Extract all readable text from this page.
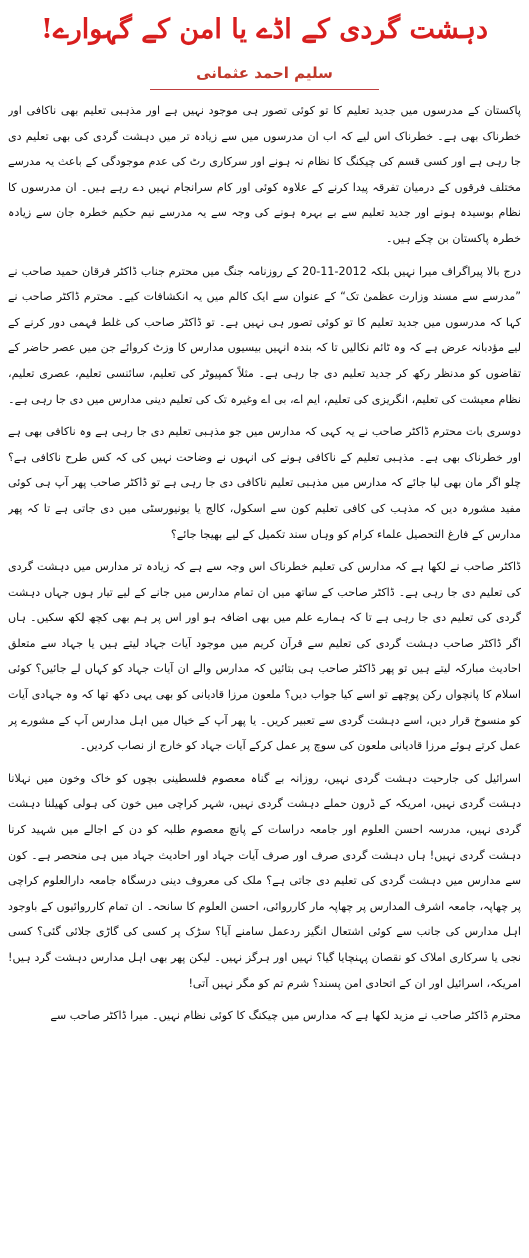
دہشت گردی کے اڈے یا امن کے گہوارے!
سلیم احمد عثمانی

پاکستان کے مدرسوں میں جدید تعلیم کا تو کوئی تصور ہی موجود نہیں ہے اور مذہبی تعلیم بھی ناکافی اور خطرناک بھی ہے۔ خطرناک اس لیے کہ اب ان مدرسوں میں سے زیادہ تر میں دہشت گردی کی بھی تعلیم دی جا رہی ہے اور کسی قسم کی چیکنگ کا نظام نہ ہونے اور سرکاری رٹ کی عدم موجودگی کے باعث یہ مدرسے مختلف فرقوں کے درمیان تفرقہ پیدا کرنے کے علاوہ کوئی اور کام سرانجام نہیں دے رہے ہیں۔ ان مدرسوں کا نظام بوسیدہ ہونے اور جدید تعلیم سے بے بہرہ ہونے کی وجہ سے یہ مدرسے نیم حکیم خطرہ جان سے زیادہ خطرہ پاکستان بن چکے ہیں۔

درج بالا پیراگراف میرا نہیں بلکہ 2012-11-20 کے روزنامہ جنگ میں محترم جناب ڈاکٹر فرقان حمید صاحب نے ”مدرسے سے مسند وزارت عظمیٰ تک“ کے عنوان سے ایک کالم میں یہ انکشافات کیے۔ محترم ڈاکٹر صاحب نے کہا کہ مدرسوں میں جدید تعلیم کا تو کوئی تصور ہی نہیں ہے۔ تو ڈاکٹر صاحب کی غلط فہمی دور کرنے کے لیے مؤدبانہ عرض ہے کہ وہ ٹائم نکالیں تا کہ بندہ انہیں بیسیوں مدارس کا وزٹ کروائے جن میں عصر حاضر کے تقاضوں کو مدنظر رکھ کر جدید تعلیم دی جا رہی ہے۔ مثلاً کمپیوٹر کی تعلیم، سائنسی تعلیم، عصری تعلیم، نظام معیشت کی تعلیم، انگریزی کی تعلیم، ایم اے، بی اے وغیرہ تک کی تعلیم دینی مدارس میں دی جا رہی ہے۔

دوسری بات محترم ڈاکٹر صاحب نے یہ کہی کہ مدارس میں جو مذہبی تعلیم دی جا رہی ہے وہ ناکافی بھی ہے اور خطرناک بھی ہے۔ مذہبی تعلیم کے ناکافی ہونے کی انہوں نے وضاحت نہیں کی کہ کس طرح ناکافی ہے؟ چلو اگر مان بھی لیا جائے کہ مدارس میں مذہبی تعلیم ناکافی دی جا رہی ہے تو ڈاکٹر صاحب پھر آپ ہی کوئی مفید مشورہ دیں کہ مذہب کی کافی تعلیم کون سے اسکول، کالج یا یونیورسٹی میں دی جاتی ہے تا کہ پھر مدارس کے فارغ التحصیل علماء کرام کو وہاں سند تکمیل کے لیے بھیجا جائے؟

ڈاکٹر صاحب نے لکھا ہے کہ مدارس کی تعلیم خطرناک اس وجہ سے ہے کہ زیادہ تر مدارس میں دہشت گردی کی تعلیم دی جا رہی ہے۔ ڈاکٹر صاحب کے ساتھ میں ان تمام مدارس میں جانے کے لیے تیار ہوں جہاں دہشت گردی کی تعلیم دی جا رہی ہے تا کہ ہمارے علم میں بھی اضافہ ہو اور اس پر ہم بھی کچھ لکھ سکیں۔ ہاں اگر ڈاکٹر صاحب دہشت گردی کی تعلیم سے قرآن کریم میں موجود آیات جہاد لیتے ہیں یا جہاد سے متعلق احادیث مبارکہ لیتے ہیں تو پھر ڈاکٹر صاحب ہی بتائیں کہ مدارس والے ان آیات جہاد کو کہاں لے جائیں؟ کوئی اسلام کا پانچواں رکن پوچھے تو اسے کیا جواب دیں؟ ملعون مرزا قادیانی کو بھی یہی دکھ تھا کہ وہ جہادی آیات کو منسوخ قرار دیں، اسے دہشت گردی سے تعبیر کریں۔ یا پھر آپ کے خیال میں اہل مدارس آپ کے مشورے پر عمل کرتے ہوئے مرزا قادیانی ملعون کی سوچ پر عمل کرکے آیات جہاد کو خارج از نصاب کردیں۔

اسرائیل کی جارحیت دہشت گردی نہیں، روزانہ بے گناہ معصوم فلسطینی بچوں کو خاک وخون میں نہلانا دہشت گردی نہیں، امریکہ کے ڈرون حملے دہشت گردی نہیں، شہر کراچی میں خون کی ہولی کھیلنا دہشت گردی نہیں، مدرسہ احسن العلوم اور جامعہ دراسات کے پانچ معصوم طلبہ کو دن کے اجالے میں شہید کرنا دہشت گردی نہیں! ہاں دہشت گردی صرف اور صرف آیات جہاد اور احادیث جہاد میں ہی منحصر ہے۔ کون سے مدارس میں دہشت گردی کی تعلیم دی جاتی ہے؟ ملک کی معروف دینی درسگاہ جامعہ دارالعلوم کراچی پر چھاپہ، جامعہ اشرف المدارس پر چھاپہ مار کارروائی، احسن العلوم کا سانحہ۔ ان تمام کارروائیوں کے باوجود اہل مدارس کی جانب سے کوئی اشتعال انگیز ردعمل سامنے آیا؟ سڑک پر کسی کی گاڑی جلائی گئی؟ کسی نجی یا سرکاری املاک کو نقصان پہنچایا گیا؟ نہیں اور ہرگز نہیں۔ لیکن پھر بھی اہل مدارس دہشت گرد ہیں! امریکہ، اسرائیل اور ان کے اتحادی امن پسند؟ شرم تم کو مگر نہیں آتی!

محترم ڈاکٹر صاحب نے مزید لکھا ہے کہ مدارس میں چیکنگ کا کوئی نظام نہیں۔ میرا ڈاکٹر صاحب سے
